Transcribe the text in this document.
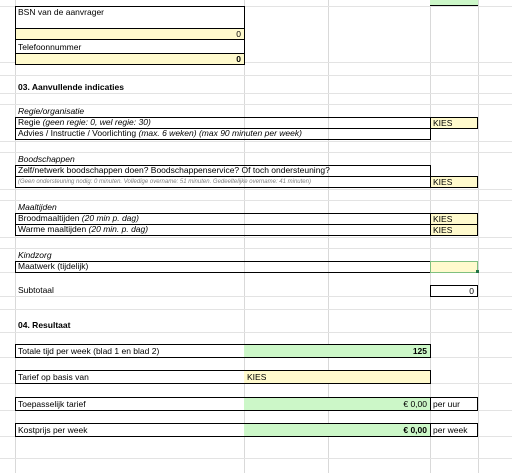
BSN van de aanvrager
0
Telefoonnummer
0
03. Aanvullende indicaties
Regie/organisatie
Regie (geen regie: 0, wel regie: 30)	KIES
Advies / Instructie / Voorlichting (max. 6 weken) (max 90 minuten per week)
Boodschappen
Zelf/netwerk boodschappen doen? Boodschappenservice? Of toch ondersteuning?
(Geen ondersteuning nodig: 0 minuten. Volledige overname: 51 minuten. Gedeeltelijke overname: 41 minuten)	KIES
Maaltijden
Broodmaaltijden (20 min p. dag)	KIES
Warme maaltijden (20 min. p. dag)	KIES
Kindzorg
Maatwerk (tijdelijk)
Subtotaal	0
04. Resultaat
Totale tijd per week (blad 1 en blad 2)	125
Tarief op basis van	KIES
Toepasselijk tarief	€ 0,00 per uur
Kostprijs per week	€ 0,00 per week
